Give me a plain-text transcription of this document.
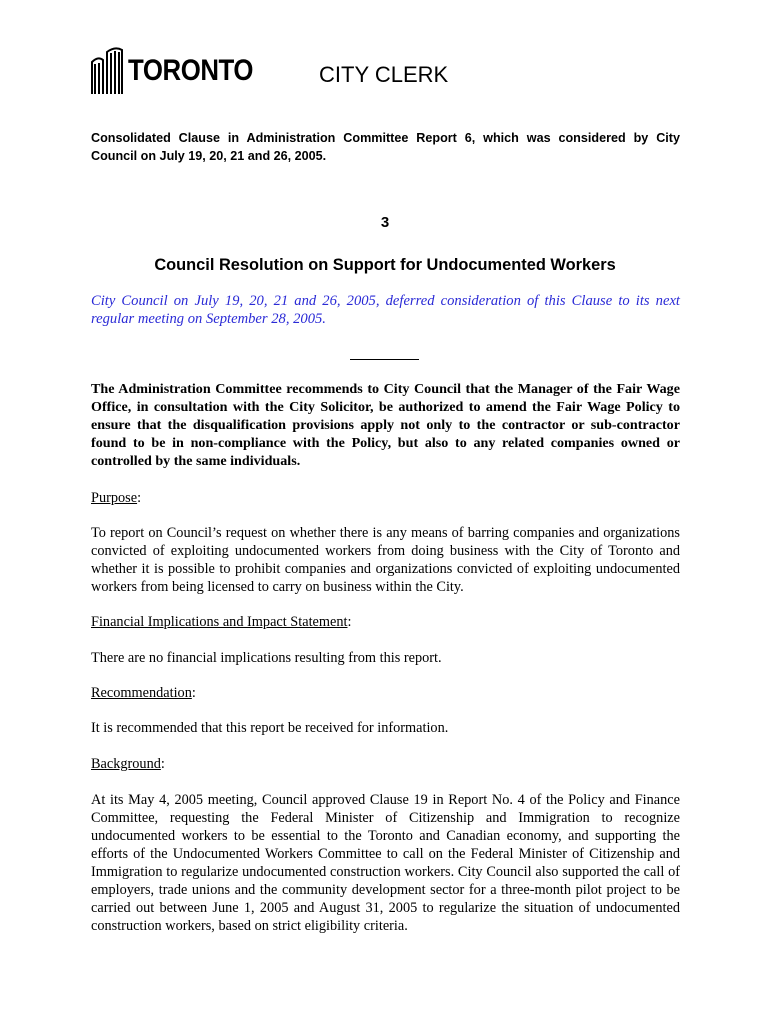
TORONTO	CITY CLERK
Consolidated Clause in Administration Committee Report 6, which was considered by City Council on July 19, 20, 21 and 26, 2005.
3
Council Resolution on Support for Undocumented Workers
City Council on July 19, 20, 21 and 26, 2005, deferred consideration of this Clause to its next regular meeting on September 28, 2005.
The Administration Committee recommends to City Council that the Manager of the Fair Wage Office, in consultation with the City Solicitor, be authorized to amend the Fair Wage Policy to ensure that the disqualification provisions apply not only to the contractor or sub-contractor found to be in non-compliance with the Policy, but also to any related companies owned or controlled by the same individuals.
Purpose:
To report on Council’s request on whether there is any means of barring companies and organizations convicted of exploiting undocumented workers from doing business with the City of Toronto and whether it is possible to prohibit companies and organizations convicted of exploiting undocumented workers from being licensed to carry on business within the City.
Financial Implications and Impact Statement:
There are no financial implications resulting from this report.
Recommendation:
It is recommended that this report be received for information.
Background:
At its May 4, 2005 meeting, Council approved Clause 19 in Report No. 4 of the Policy and Finance Committee, requesting the Federal Minister of Citizenship and Immigration to recognize undocumented workers to be essential to the Toronto and Canadian economy, and supporting the efforts of the Undocumented Workers Committee to call on the Federal Minister of Citizenship and Immigration to regularize undocumented construction workers. City Council also supported the call of employers, trade unions and the community development sector for a three-month pilot project to be carried out between June 1, 2005 and August 31, 2005 to regularize the situation of undocumented construction workers, based on strict eligibility criteria.
